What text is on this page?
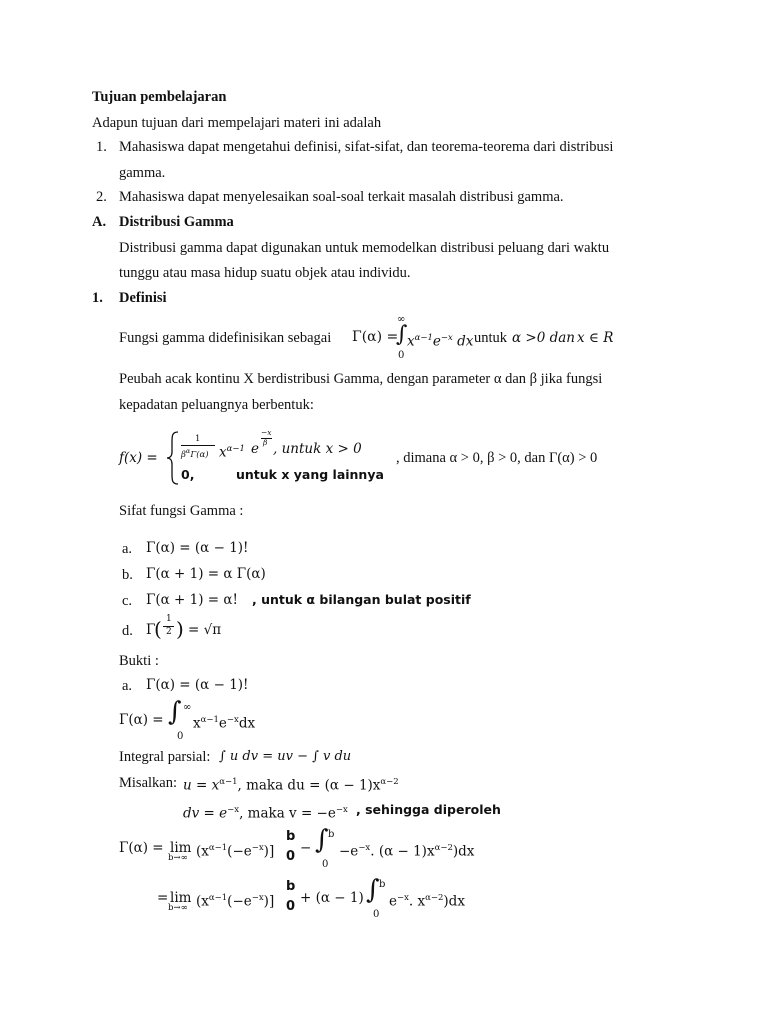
Tujuan pembelajaran
Adapun tujuan dari mempelajari materi ini adalah
1. Mahasiswa dapat mengetahui definisi, sifat-sifat, dan teorema-teorema dari distribusi
gamma.
2. Mahasiswa dapat menyelesaikan soal-soal terkait masalah distribusi gamma.
A. Distribusi Gamma
Distribusi gamma dapat digunakan untuk memodelkan distribusi peluang dari waktu
tunggu atau masa hidup suatu objek atau individu.
1. Definisi
Fungsi gamma didefinisikan sebagai Γ(α) =
∞
∫
0
$x^{\alpha-1}e^{-x}$ dx untuk α >0 dan x ∈ R
Peubah acak kontinu X berdistribusi Gamma, dengan parameter α dan β jika fungsi
kepadatan peluangnya berbentuk:
f(x) =
1
$\beta^\alpha\Gamma(\alpha)$ $x^{\alpha-1}$ e
−x
β , untuk x > 0
0,	untuk x yang lainnya
, dimana α > 0, β > 0, dan Γ(α) > 0
Sifat fungsi Gamma :
a. Γ(α) = (α − 1)!
b. Γ(α + 1) = α Γ(α)
c. Γ(α + 1) = α! , untuk α bilangan bulat positif
d. Γ
( 1
2 ) = √π
Bukti :
a. Γ(α) = (α − 1)!
Γ(α) = ∫ ∞
0
$x^{\alpha-1}e^{-x}dx$
Integral parsial: ∫ u dv = uv − ∫ v du
Misalkan: $u = x^{\alpha-1}$, maka du = $(\alpha - 1)x^{\alpha-2}$
dv = $e^{-x}$, maka $v = -e^{-x}$ , sehingga diperoleh
Γ(α) = lim
b→∞ $(x^{\alpha-1}(-e^{-x})]$
b
0
− ∫ b
0
$-e^{-x}$. $(\alpha - 1)x^{\alpha-2})dx$
= lim
b→∞ $(x^{\alpha-1}(-e^{-x})]$
b
0
+ (α − 1) ∫ b
0
$e^{-x}$. $x^{\alpha-2})dx$
